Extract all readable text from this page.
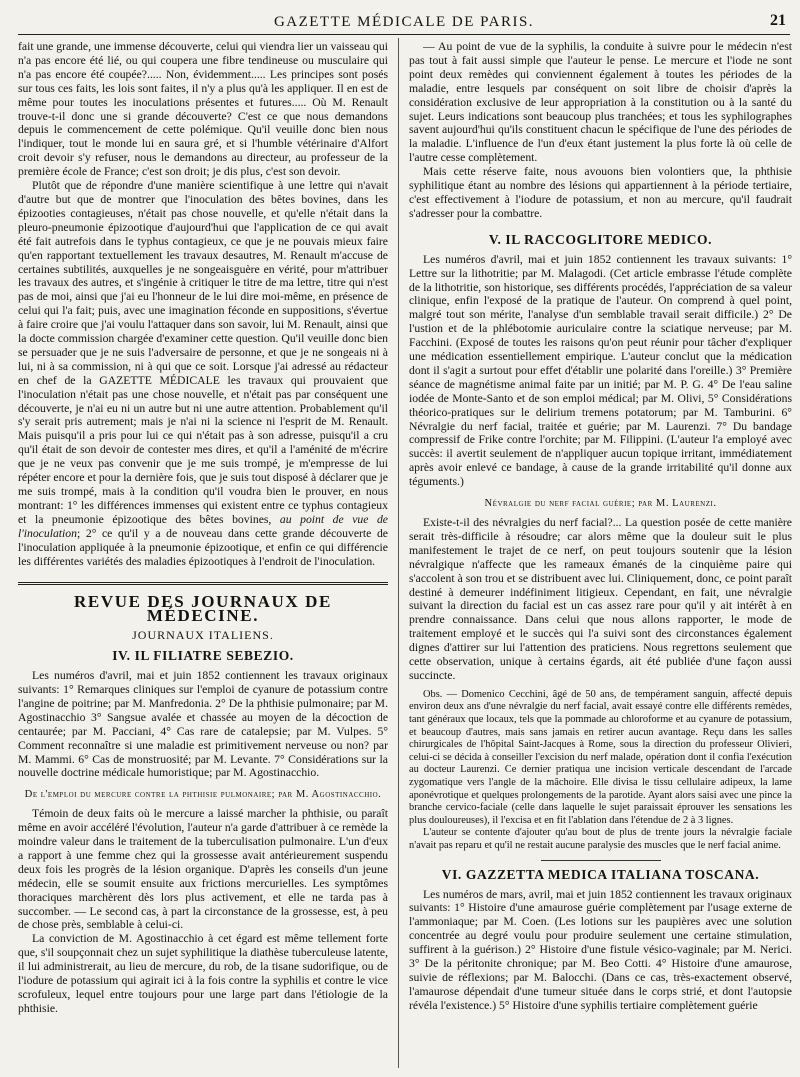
GAZETTE MÉDICALE DE PARIS.	21

fait une grande, une immense découverte, celui qui viendra lier un vaisseau qui n'a pas encore été lié, ou qui coupera une fibre tendineuse ou musculaire qui n'a pas encore été coupée?..... Non, évidemment..... Les principes sont posés sur tous ces faits, les lois sont faites, il n'y a plus qu'à les appliquer. Il en est de même pour toutes les inoculations présentes et futures..... Où M. Renault trouve-t-il donc une si grande découverte? C'est ce que nous demandons depuis le commencement de cette polémique. Qu'il veuille donc bien nous l'indiquer, tout le monde lui en saura gré, et si l'humble vétérinaire d'Alfort croit devoir s'y refuser, nous le demandons au directeur, au professeur de la première école de France; c'est son droit; je dis plus, c'est son devoir.

Plutôt que de répondre d'une manière scientifique à une lettre qui n'avait d'autre but que de montrer que l'inoculation des bêtes bovines, dans les épizooties contagieuses, n'était pas chose nouvelle, et qu'elle n'était dans la pleuro-pneumonie épizootique d'aujourd'hui que l'application de ce qui avait été fait autrefois dans le typhus contagieux, ce que je ne pouvais mieux faire qu'en rapportant textuellement les travaux desautres, M. Renault m'accuse de certaines subtilités, auxquelles je ne songeaisguère en vérité, pour m'attribuer les travaux des autres, et s'ingénie à critiquer le titre de ma lettre, titre qui n'est pas de moi, ainsi que j'ai eu l'honneur de le lui dire moi-même, en présence de celui qui l'a fait; puis, avec une imagination féconde en suppositions, s'évertue à faire croire que j'ai voulu l'attaquer dans son savoir, lui M. Renault, ainsi que la docte commission chargée d'examiner cette question. Qu'il veuille donc bien se persuader que je ne suis l'adversaire de personne, et que je ne songeais ni à lui, ni à sa commission, ni à qui que ce soit. Lorsque j'ai adressé au rédacteur en chef de la GAZETTE MÉDICALE les travaux qui prouvaient que l'inoculation n'était pas une chose nouvelle, et n'était pas par conséquent une découverte, je n'ai eu ni un autre but ni une autre attention. Probablement qu'il s'y serait pris autrement; mais je n'ai ni la science ni l'esprit de M. Renault. Mais puisqu'il a pris pour lui ce qui n'était pas à son adresse, puisqu'il a cru qu'il était de son devoir de contester mes dires, et qu'il a l'aménité de m'écrire que je ne veux pas convenir que je me suis trompé, je m'empresse de lui répéter encore et pour la dernière fois, que je suis tout disposé à déclarer que je me suis trompé, mais à la condition qu'il voudra bien le prouver, en nous montrant: 1° les différences immenses qui existent entre ce typhus contagieux et la pneumonie épizootique des bêtes bovines, au point de vue de l'inoculation; 2° ce qu'il y a de nouveau dans cette grande découverte de l'inoculation appliquée à la pneumonie épizootique, et enfin ce qui différencie les différentes variétés des maladies épizootiques à l'endroit de l'inoculation.

REVUE DES JOURNAUX DE MÉDECINE.
JOURNAUX ITALIENS.
IV. IL FILIATRE SEBEZIO.

Les numéros d'avril, mai et juin 1852 contiennent les travaux originaux suivants: 1° Remarques cliniques sur l'emploi de cyanure de potassium contre l'angine de poitrine; par M. Manfredonia. 2° De la phthisie pulmonaire; par M. Agostinacchio 3° Sangsue avalée et chassée au moyen de la décoction de centaurée; par M. Pacciani, 4° Cas rare de catalepsie; par M. Vulpes. 5° Comment reconnaître si une maladie est primitivement nerveuse ou non? par M. Mammi. 6° Cas de monstruosité; par M. Levante. 7° Considérations sur la nouvelle doctrine médicale humoristique; par M. Agostinacchio.

De l'emploi du mercure contre la phthisie pulmonaire; par M. Agostinacchio.

Témoin de deux faits où le mercure a laissé marcher la phthisie, ou paraît même en avoir accéléré l'évolution, l'auteur n'a garde d'attribuer à ce remède la moindre valeur dans le traitement de la tuberculisation pulmonaire. L'un d'eux a rapport à une femme chez qui la grossesse avait antérieurement suspendu deux fois les progrès de la lésion organique. D'après les conseils d'un jeune médecin, elle se soumit ensuite aux frictions mercurielles. Les symptômes thoraciques marchèrent dès lors plus activement, et elle ne tarda pas à succomber. — Le second cas, à part la circonstance de la grossesse, est, à peu de chose près, semblable à celui-ci.

La conviction de M. Agostinacchio à cet égard est même tellement forte que, s'il soupçonnait chez un sujet syphilitique la diathèse tuberculeuse latente, il lui administrerait, au lieu de mercure, du rob, de la tisane sudorifique, ou de l'iodure de potassium qui agirait ici à la fois contre la syphilis et contre le vice scrofuleux, lequel entre toujours pour une large part dans l'étiologie de la phthisie.

— Au point de vue de la syphilis, la conduite à suivre pour le médecin n'est pas tout à fait aussi simple que l'auteur le pense. Le mercure et l'iode ne sont point deux remèdes qui conviennent également à toutes les périodes de la maladie, entre lesquels par conséquent on soit libre de choisir d'après la considération exclusive de leur appropriation à la constitution ou à la santé du sujet. Leurs indications sont beaucoup plus tranchées; et tous les syphilographes savent aujourd'hui qu'ils constituent chacun le spécifique de l'une des périodes de la maladie. L'influence de l'un d'eux étant justement la plus forte là où celle de l'autre cesse complètement.

Mais cette réserve faite, nous avouons bien volontiers que, la phthisie syphilitique étant au nombre des lésions qui appartiennent à la période tertiaire, c'est effectivement à l'iodure de potassium, et non au mercure, qu'il faudrait s'adresser pour la combattre.

V. IL RACCOGLITORE MEDICO.

Les numéros d'avril, mai et juin 1852 contiennent les travaux suivants: 1° Lettre sur la lithotritie; par M. Malagodi. (Cet article embrasse l'étude complète de la lithotritie, son historique, ses différents procédés, l'appréciation de sa valeur clinique, enfin l'exposé de la pratique de l'auteur. On comprend à quel point, malgré tout son mérite, l'analyse d'un semblable travail serait difficile.) 2° De l'ustion et de la phlébotomie auriculaire contre la sciatique nerveuse; par M. Facchini. (Exposé de toutes les raisons qu'on peut réunir pour tâcher d'expliquer une médication essentiellement empirique. L'auteur conclut que la médication dont il s'agit a surtout pour effet d'établir une polarité dans l'oreille.) 3° Première séance de magnétisme animal faite par un initié; par M. P. G. 4° De l'eau saline iodée de Monte-Santo et de son emploi médical; par M. Olivi, 5° Considérations théorico-pratiques sur le delirium tremens potatorum; par M. Tamburini. 6° Névralgie du nerf facial, traitée et guérie; par M. Laurenzi. 7° Du bandage compressif de Frike contre l'orchite; par M. Filippini. (L'auteur l'a employé avec succès: il avertit seulement de n'appliquer aucun topique irritant, immédiatement après avoir enlevé ce bandage, à cause de la grande irritabilité qu'il donne aux téguments.)

Névralgie du nerf facial guérie; par M. Laurenzi.

Existe-t-il des névralgies du nerf facial?... La question posée de cette manière serait très-difficile à résoudre; car alors même que la douleur suit le plus manifestement le trajet de ce nerf, on peut toujours soutenir que la lésion névralgique n'affecte que les rameaux émanés de la cinquième paire qui s'accolent à son trou et se distribuent avec lui. Cliniquement, donc, ce point paraît destiné à demeurer indéfiniment litigieux. Cependant, en fait, une névralgie suivant la direction du facial est un cas assez rare pour qu'il y ait intérêt à en prendre connaissance. Dans celui que nous allons rapporter, le mode de traitement employé et le succès qui l'a suivi sont des circonstances également dignes d'attirer sur lui l'attention des praticiens. Nous regrettons seulement que cette observation, unique à certains égards, ait été publiée d'une façon aussi succincte.

Obs. — Domenico Cecchini, âgé de 50 ans, de tempérament sanguin, affecté depuis environ deux ans d'une névralgie du nerf facial, avait essayé contre elle différents remèdes, tant généraux que locaux, tels que la pommade au chloroforme et au cyanure de potassium, et beaucoup d'autres, mais sans jamais en retirer aucun avantage. Reçu dans les salles chirurgicales de l'hôpital Saint-Jacques à Rome, sous la direction du professeur Olivieri, celui-ci se décida à conseiller l'excision du nerf malade, opération dont il confia l'exécution au docteur Laurenzi. Ce dernier pratiqua une incision verticale descendant de l'arcade zygomatique vers l'angle de la mâchoire. Elle divisa le tissu cellulaire adipeux, la lame aponévrotique et quelques prolongements de la parotide. Ayant alors saisi avec une pince la branche cervico-faciale (celle dans laquelle le sujet paraissait éprouver les sensations les plus douloureuses), il l'excisa et en fit l'ablation dans l'étendue de 2 à 3 lignes.

L'auteur se contente d'ajouter qu'au bout de plus de trente jours la névralgie faciale n'avait pas reparu et qu'il ne restait aucune paralysie des muscles que le nerf facial anime.

VI. GAZZETTA MEDICA ITALIANA TOSCANA.

Les numéros de mars, avril, mai et juin 1852 contiennent les travaux originaux suivants: 1° Histoire d'une amaurose guérie complètement par l'usage externe de l'ammoniaque; par M. Coen. (Les lotions sur les paupières avec une solution concentrée au degré voulu pour produire seulement une certaine stimulation, suffirent à la guérison.) 2° Histoire d'une fistule vésico-vaginale; par M. Nerici. 3° De la péritonite chronique; par M. Beo Cotti. 4° Histoire d'une amaurose, suivie de réflexions; par M. Balocchi. (Dans ce cas, très-exactement observé, l'amaurose dépendait d'une tumeur située dans le corps strié, et dont l'autopsie révéla l'existence.) 5° Histoire d'une syphilis tertiaire complètement guérie
